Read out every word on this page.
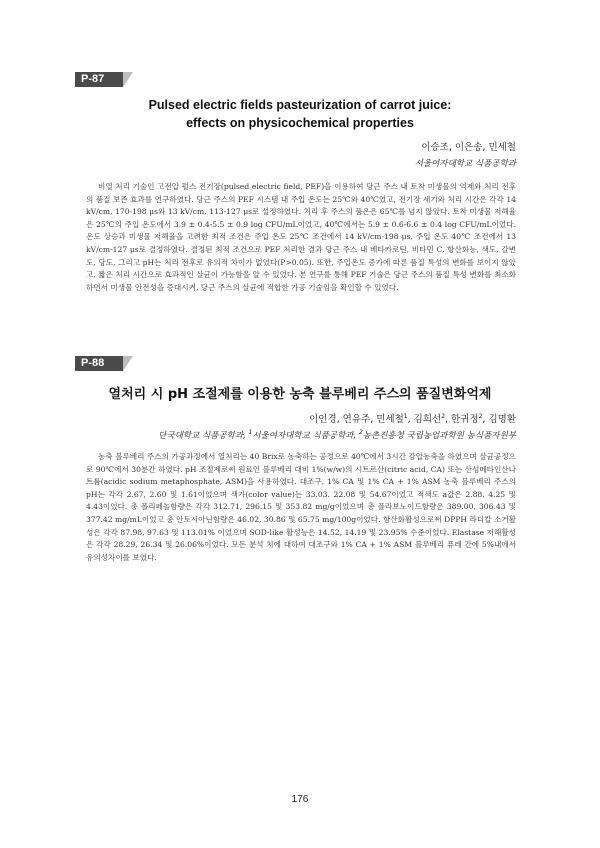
P-87
Pulsed electric fields pasteurization of carrot juice:
effects on physicochemical properties
이승조, 이은송, 민세철
서울여자대학교 식품공학과

비열 처리 기술인 고전압 펄스 전기장(pulsed electric field, PEF)을 이용하여 당근 주스 내 토착 미생물의 억제와 처리 전후의 품질 보존 효과를 연구하였다. 당근 주스의 PEF 시스템 내 주입 온도는 25℃와 40℃였고, 전기장 세기와 처리 시간은 각각 14 kV/cm, 170-198 μs와 13 kV/cm, 113-127 μs로 설정하였다. 처리 후 주스의 품온은 65℃를 넘지 않았다. 토착 미생물 저해율은 25℃의 주입 온도에서 3.9 ± 0.4-5.5 ± 0.9 log CFU/mL이었고, 40℃에서는 5.9 ± 0.6-6.6 ± 0.4 log CFU/mL이었다. 온도 상승과 미생물 저해율을 고려한 최적 조건은 주입 온도 25℃ 조건에서 14 kV/cm-198 μs, 주입 온도 40℃ 조건에서 13 kV/cm-127 μs로 결정하였다. 결정된 최적 조건으로 PEF 처리한 결과 당근 주스 내 베타카로틴, 비타민 C, 항산화능, 색도, 갈변도, 당도, 그리고 pH는 처리 전후로 유의적 차이가 없었다(P>0.05). 또한, 주입온도 증가에 따른 품질 특성의 변화를 보이지 않았고, 짧은 처리 시간으로 효과적인 살균이 가능함을 알 수 있었다. 본 연구를 통해 PEF 기술은 당근 주스의 품질 특성 변화를 최소화하면서 미생물 안전성을 증대시켜, 당근 주스의 살균에 적합한 가공 기술임을 확인할 수 있었다.

P-88
열처리 시 pH 조절제를 이용한 농축 블루베리 주스의 품질변화억제
이인경, 연유주, 민세철$^1$, 김희선$^2$, 한귀정$^2$, 김명환
단국대학교 식품공학과, $^1$서울여자대학교 식품공학과, $^2$농촌진흥청 국립농업과학원 농식품자원부

농축 블루베리 주스의 가공과정에서 열처리는 40 Brix로 농축하는 공정으로 40℃에서 3시간 감압농축을 하였으며 살균공정으로 90℃에서 30분간 하였다. pH 조절제로써 원료인 블루베리 대비 1%(w/w)의 시트르산(citric acid, CA) 또는 산성메타인산나트륨(acidic sodium metaphosphate, ASM)을 사용하였다. 대조구, 1% CA 및 1% CA + 1% ASM 농축 블루베리 주스의 pH는 각각 2.67, 2.60 및 1.61이었으며 색가(color value)는 33.03. 22.08 및 54.67이었고 적색도 a값은 2.88, 4.25 및 4.43이었다. 총 폴리페놀함량은 각각 312.71, 296.15 및 353.82 mg/g이었으며 총 플라보노이드함량은 389.00, 306.43 및 377.42 mg/mL이었고 총 안토시아닌함량은 46.02, 30.86 및 65.75 mg/100g이었다. 항산화활성으로써 DPPH 라디칼 소거활성은 각각 87.98, 97.63 및 113.01% 이었으며 SOD-like 활성능은 14.52, 14.19 및 23.95% 수준이었다. Elastase 저해활성은 각각 28.29, 26.34 및 26.06%이었다. 모든 분석 치에 대하여 대조구와 1% CA + 1% ASM 블루베리 퓨레 간에 5%내에서 유의성차이를 보였다.

176
